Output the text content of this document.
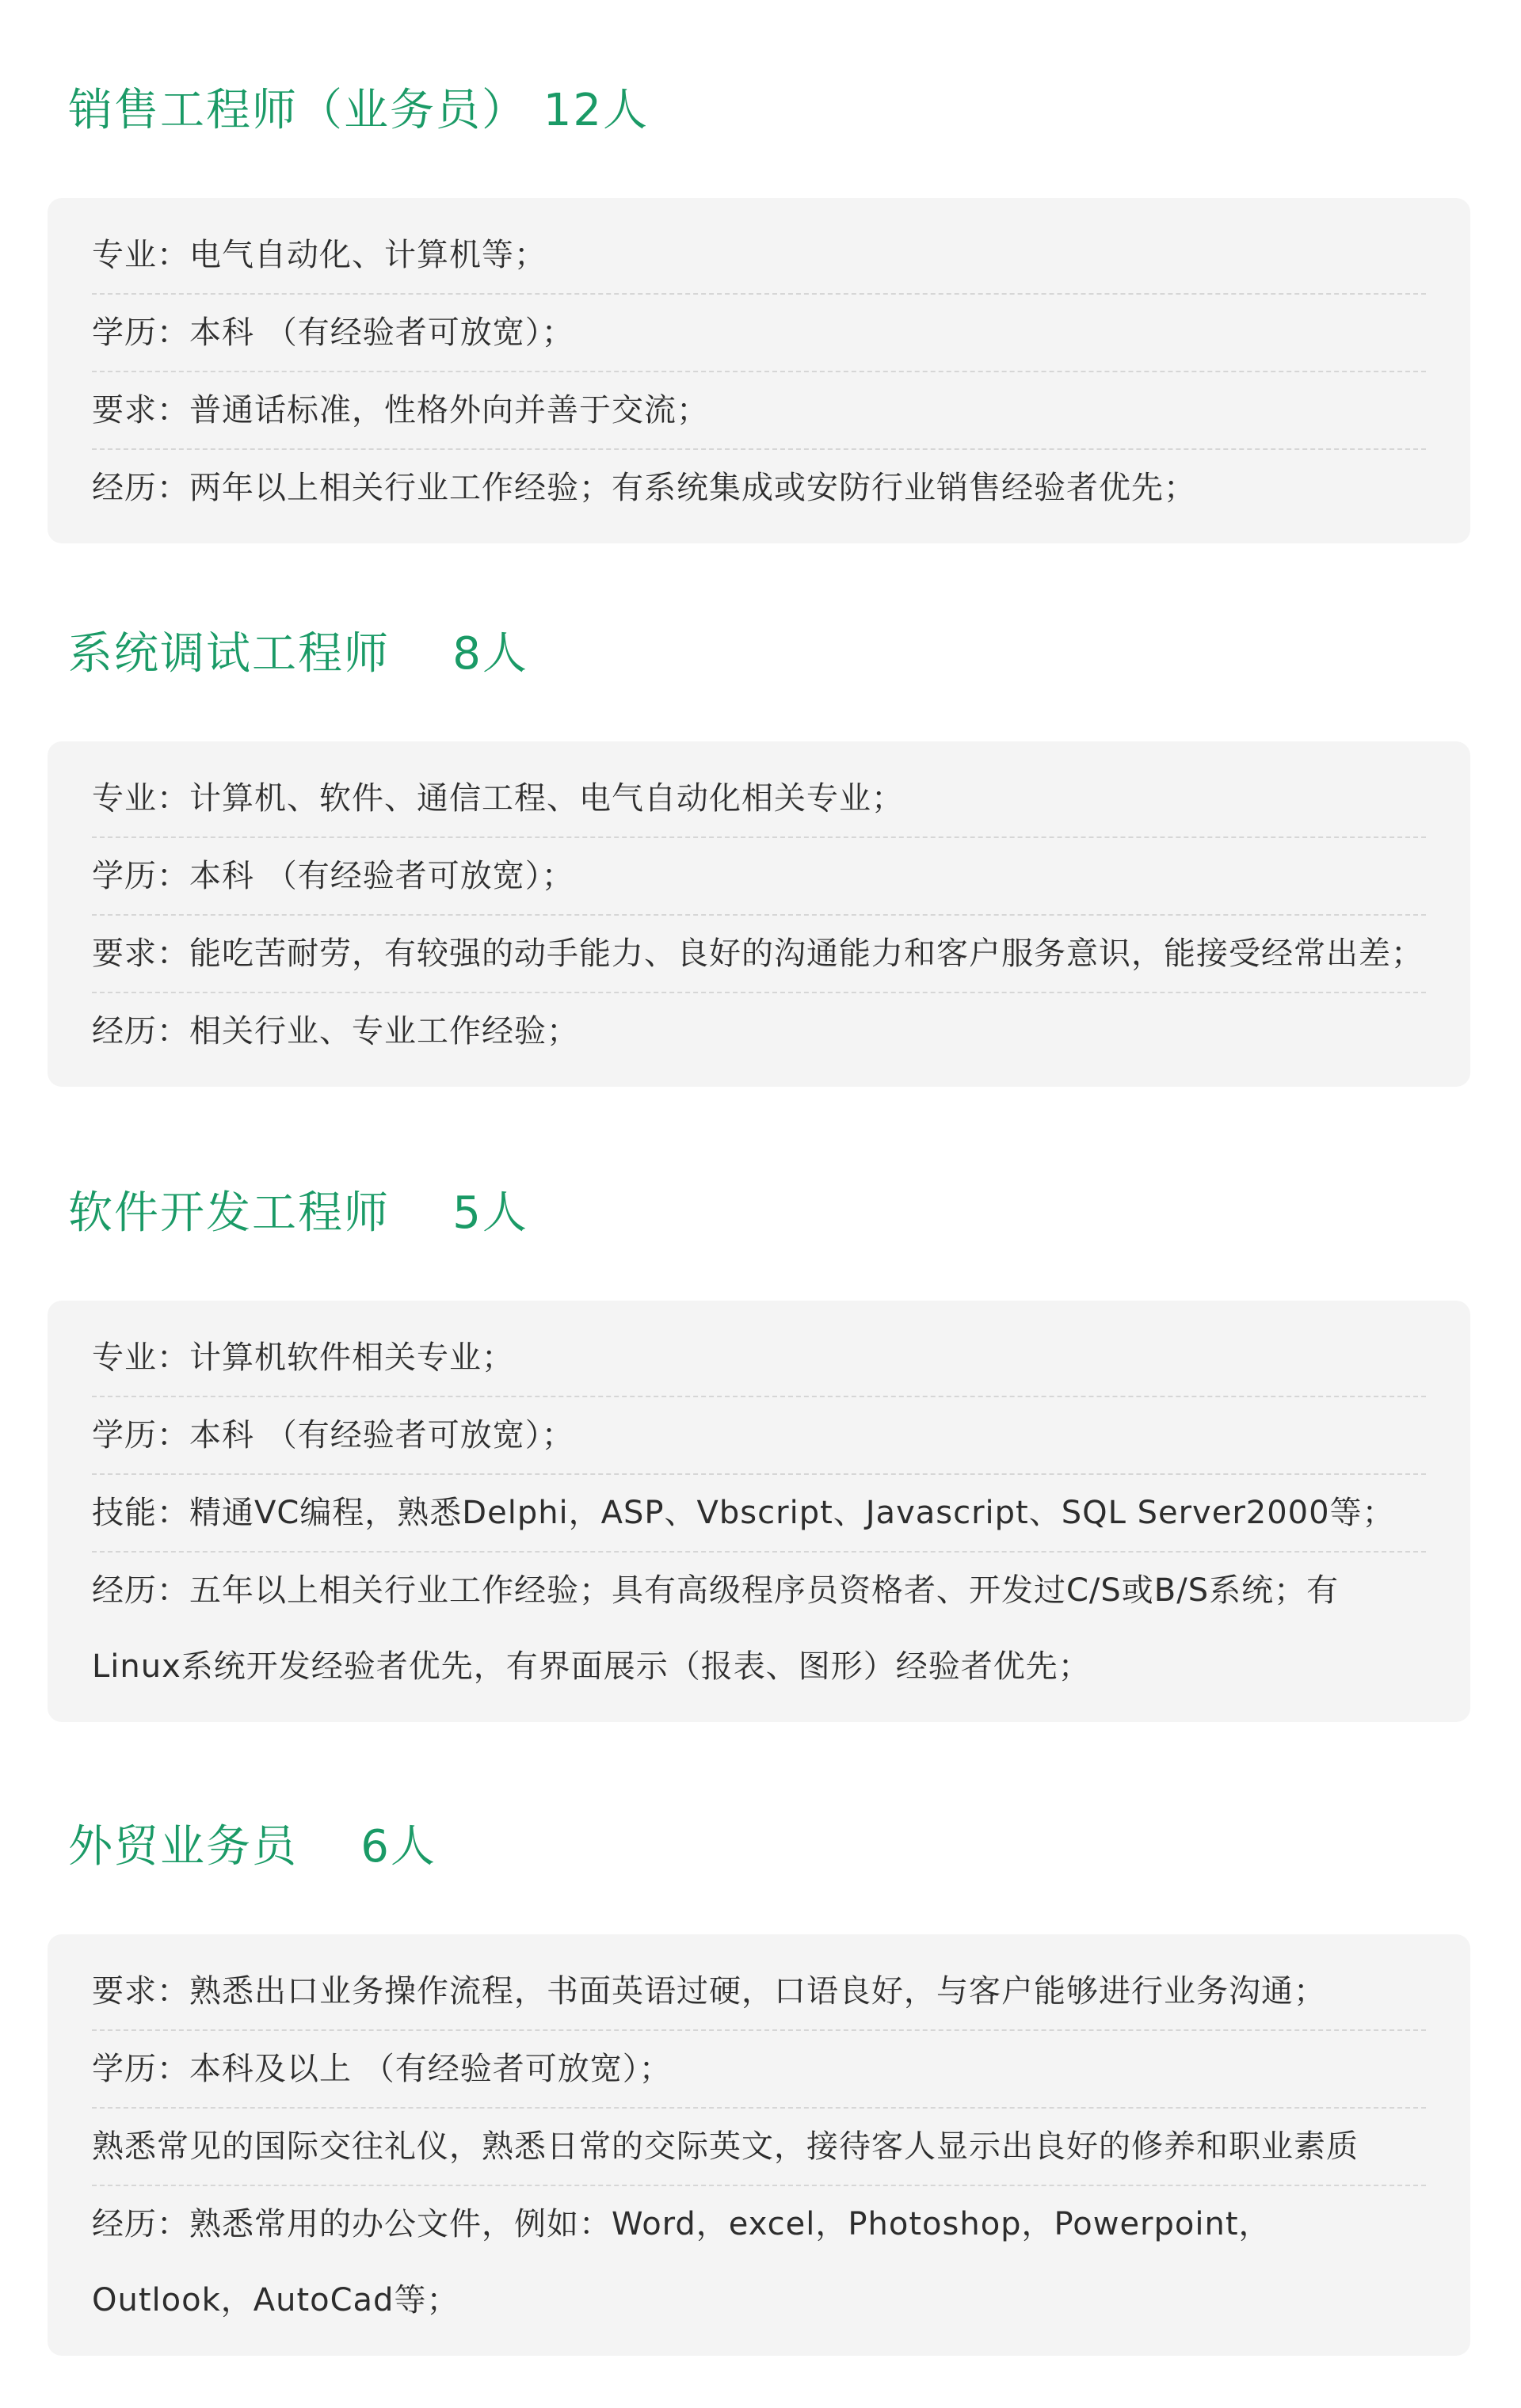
销售工程师（业务员） 12人
专业：电气自动化、计算机等；
学历：本科 （有经验者可放宽）；
要求：普通话标准，性格外向并善于交流；
经历：两年以上相关行业工作经验；有系统集成或安防行业销售经验者优先；
系统调试工程师    8人
专业：计算机、软件、通信工程、电气自动化相关专业；
学历：本科 （有经验者可放宽）；
要求：能吃苦耐劳，有较强的动手能力、良好的沟通能力和客户服务意识，能接受经常出差；
经历：相关行业、专业工作经验；
软件开发工程师    5人
专业：计算机软件相关专业；
学历：本科 （有经验者可放宽）；
技能：精通VC编程，熟悉Delphi，ASP、Vbscript、Javascript、SQL Server2000等；
经历：五年以上相关行业工作经验；具有高级程序员资格者、开发过C/S或B/S系统；有Linux系统开发经验者优先，有界面展示（报表、图形）经验者优先；
外贸业务员    6人
要求：熟悉出口业务操作流程，书面英语过硬，口语良好，与客户能够进行业务沟通；
学历：本科及以上 （有经验者可放宽）；
熟悉常见的国际交往礼仪，熟悉日常的交际英文，接待客人显示出良好的修养和职业素质
经历：熟悉常用的办公文件，例如：Word，excel，Photoshop，Powerpoint，Outlook，AutoCad等；
